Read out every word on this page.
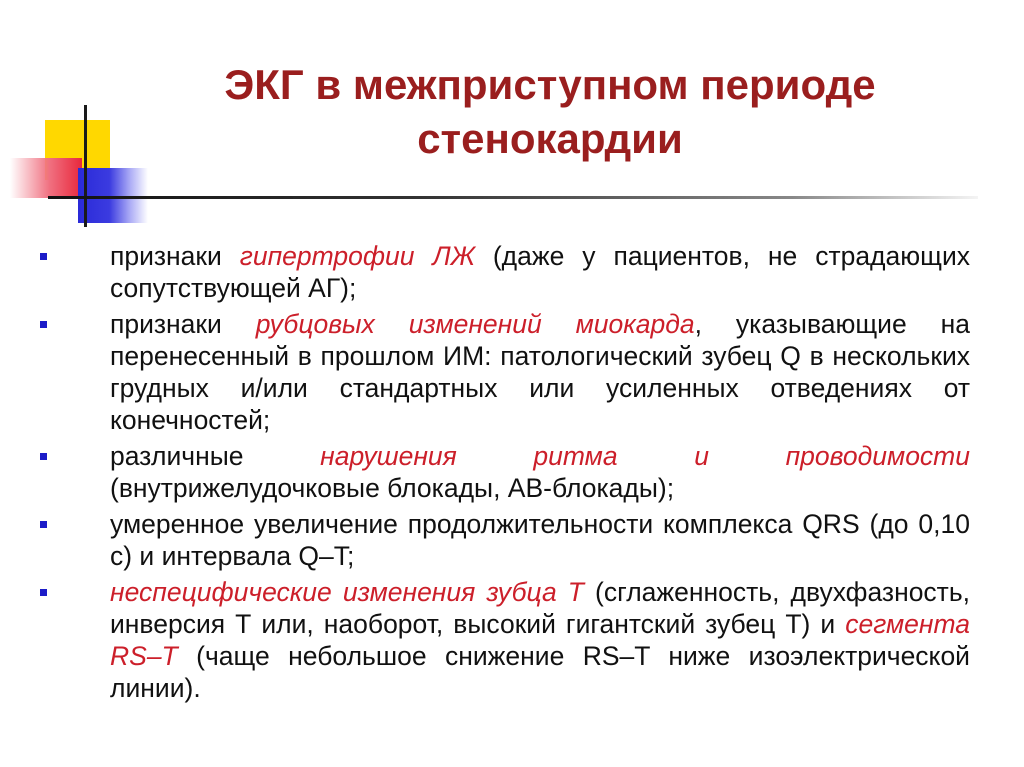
ЭКГ в межприступном периоде
стенокардии
признаки гипертрофии ЛЖ (даже у пациентов, не страдающих сопутствующей АГ);
признаки рубцовых изменений миокарда, указывающие на перенесенный в прошлом ИМ: патологический зубец Q в нескольких грудных и/или стандартных или усиленных отведениях от конечностей;
различные нарушения ритма и проводимости (внутрижелудочковые блокады, АВ-блокады);
умеренное увеличение продолжительности комплекса QRS (до 0,10 с) и интервала Q–T;
неспецифические изменения зубца Т (сглаженность, двухфазность, инверсия Т или, наоборот, высокий гигантский зубец Т) и сегмента RS–T (чаще небольшое снижение RS–T ниже изоэлектрической линии).
